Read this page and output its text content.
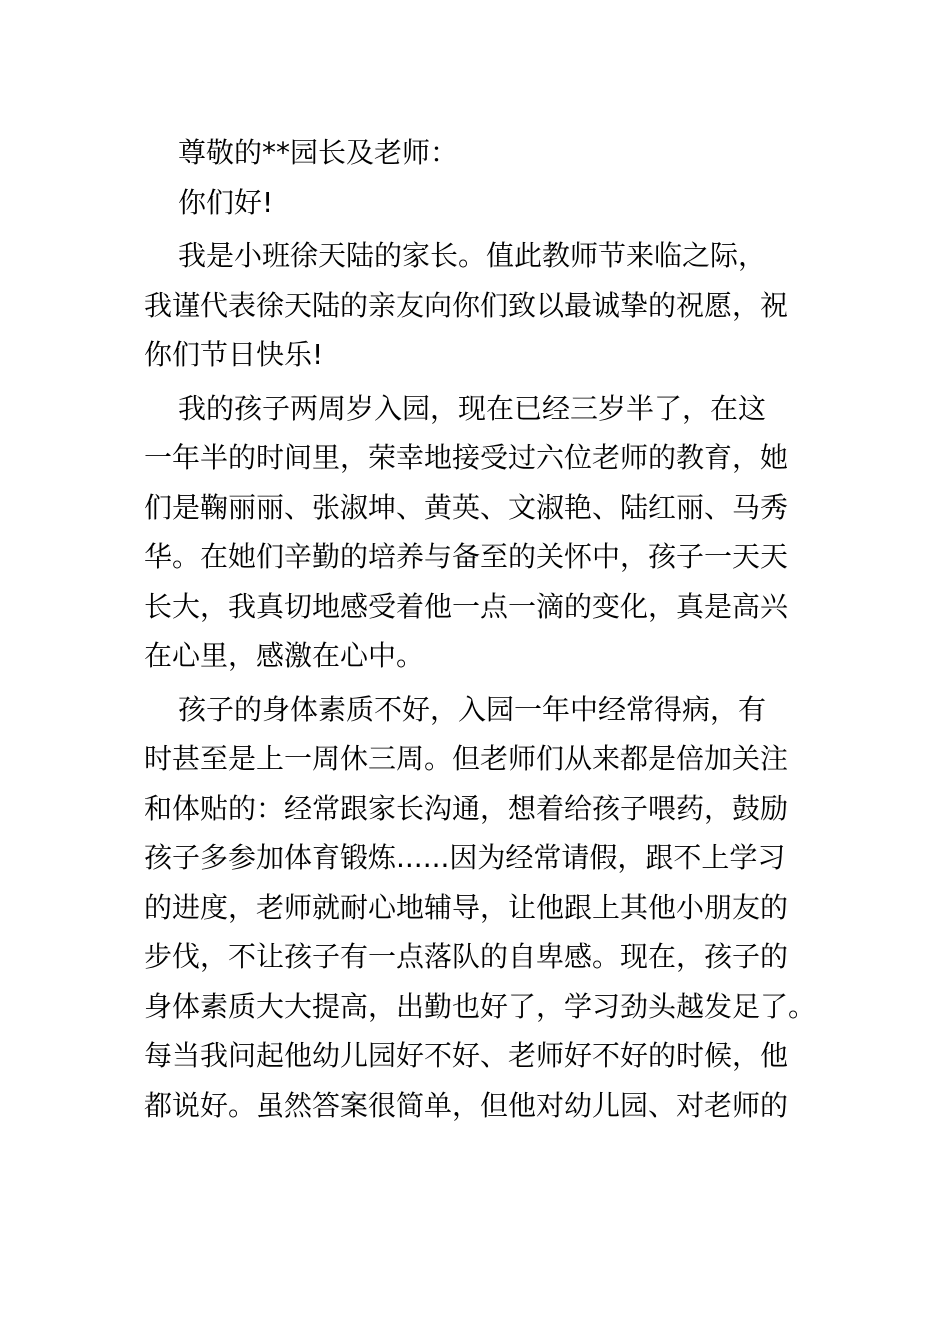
尊敬的**园长及老师：
你们好!
我是小班徐天陆的家长。值此教师节来临之际，
我谨代表徐天陆的亲友向你们致以最诚挚的祝愿，祝
你们节日快乐!
我的孩子两周岁入园，现在已经三岁半了，在这
一年半的时间里，荣幸地接受过六位老师的教育，她
们是鞠丽丽、张淑坤、黄英、文淑艳、陆红丽、马秀
华。在她们辛勤的培养与备至的关怀中，孩子一天天
长大，我真切地感受着他一点一滴的变化，真是高兴
在心里，感激在心中。
孩子的身体素质不好，入园一年中经常得病，有
时甚至是上一周休三周。但老师们从来都是倍加关注
和体贴的：经常跟家长沟通，想着给孩子喂药，鼓励
孩子多参加体育锻炼......因为经常请假，跟不上学习
的进度，老师就耐心地辅导，让他跟上其他小朋友的
步伐，不让孩子有一点落队的自卑感。现在，孩子的
身体素质大大提高，出勤也好了，学习劲头越发足了。
每当我问起他幼儿园好不好、老师好不好的时候，他
都说好。虽然答案很简单，但他对幼儿园、对老师的
